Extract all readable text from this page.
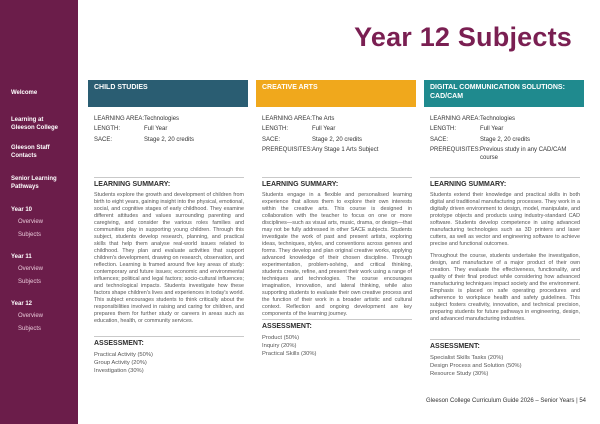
Welcome
Learning at
Gleeson College
Gleeson Staff
Contacts
Senior Learning
Pathways
Year 10
Overview
Subjects
Year 11
Overview
Subjects
Year 12
Overview
Subjects
Year 12 Subjects
CHILD STUDIES
LEARNING AREA: Technologies
LENGTH:	Full Year
SACE:	Stage 2, 20 credits
LEARNING SUMMARY:

Students explore the growth and development of children from birth to eight years, gaining insight into the physical, emotional, social, and cognitive stages of early childhood. They examine different attitudes and values surrounding parenting and caregiving, and consider the various roles families and communities play in supporting young children. Through this subject, students develop research, planning, and practical skills that help them analyse real-world issues related to childhood. They plan and evaluate activities that support children's development, drawing on research, observation, and reflection. Learning is framed around five key areas of study: contemporary and future issues; economic and environmental influences; political and legal factors; socio-cultural influences; and technological impacts. Students investigate how these factors shape children's lives and experiences in today's world. This subject encourages students to think critically about the responsibilities involved in raising and caring for children, and prepares them for further study or careers in areas such as education, health, or community services.

ASSESSMENT:
Practical Activity (50%)
Group Activity (20%)
Investigation (30%)
CREATIVE ARTS
LEARNING AREA: The Arts
LENGTH:	Full Year
SACE:	Stage 2, 20 credits
PREREQUISITES: Any Stage 1 Arts Subject
LEARNING SUMMARY:

Students engage in a flexible and personalised learning experience that allows them to explore their own interests within the creative arts. This course is designed in collaboration with the teacher to focus on one or more disciplines—such as visual arts, music, drama, or design—that may not be fully addressed in other SACE subjects. Students investigate the work of past and present artists, exploring ideas, techniques, styles, and conventions across genres and forms. They develop and plan original creative works, applying advanced knowledge of their chosen discipline. Through experimentation, problem-solving, and critical thinking, students create, refine, and present their work using a range of techniques and technologies. The course encourages imagination, innovation, and lateral thinking, while also supporting students to evaluate their own creative process and the function of their work in a broader artistic and cultural context. Reflection and ongoing development are key components of the learning journey.

ASSESSMENT:
Product (50%)
Inquiry (20%)
Practical Skills (30%)
DIGITAL COMMUNICATION SOLUTIONS: CAD/CAM
LEARNING AREA: Technologies
LENGTH:	Full Year
SACE:	Stage 2, 20 credits
PREREQUISITES: Previous study in any CAD/CAM course
LEARNING SUMMARY:

Students extend their knowledge and practical skills in both digital and traditional manufacturing processes. They work in a digitally driven environment to design, model, manipulate, and prototype objects and products using industry-standard CAD software. Students develop competence in using advanced manufacturing technologies such as 3D printers and laser cutters, as well as vector and engineering software to achieve precise and functional outcomes.

Throughout the course, students undertake the investigation, design, and manufacture of a major product of their own creation. They evaluate the effectiveness, functionality, and quality of their final product while considering how advanced manufacturing techniques impact society and the environment. Emphasis is placed on safe operating procedures and adherence to workplace health and safety guidelines. This subject fosters creativity, innovation, and technical precision, preparing students for future pathways in engineering, design, and advanced manufacturing industries.

ASSESSMENT:
Specialist Skills Tasks (20%)
Design Process and Solution (50%)
Resource Study (30%)
Gleeson College Curriculum Guide 2026 – Senior Years | 54
